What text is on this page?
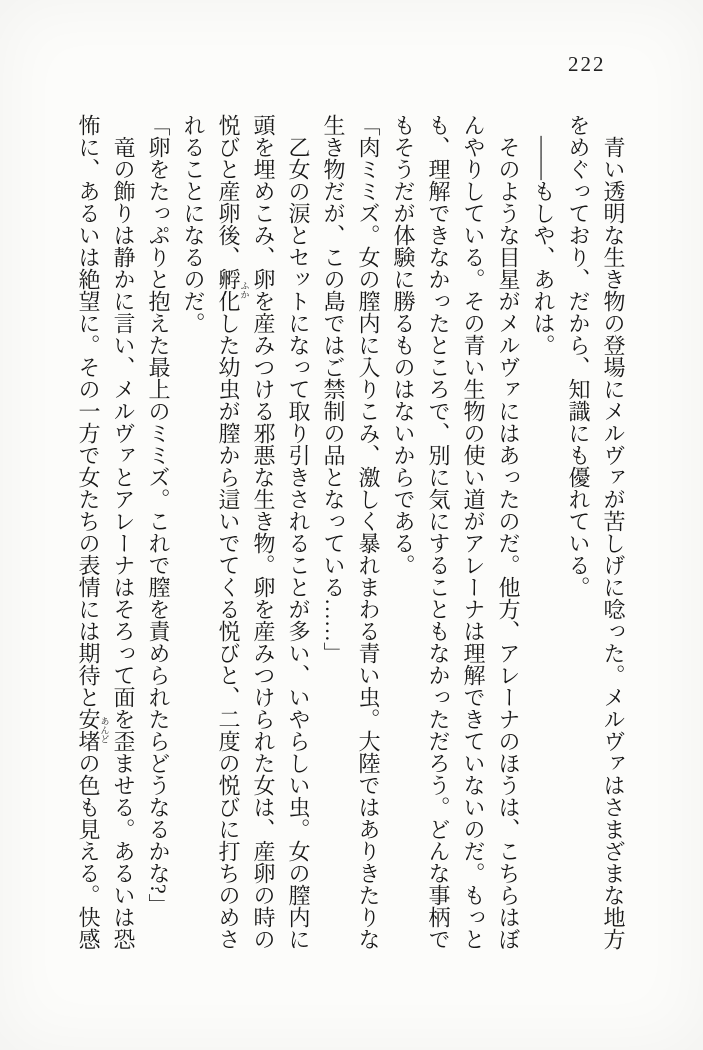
222

青い透明な生き物の登場にメルヴァが苦しげに唸った。メルヴァはさまざまな地方をめぐっており、だから、知識にも優れている。

――もしや、あれは。

そのような目星がメルヴァにはあったのだ。他方、アレーナのほうは、こちらはぼんやりしている。その青い生物の使い道がアレーナは理解できていないのだ。もっとも、理解できなかったところで、別に気にすることもなかっただろう。どんな事柄でもそうだが体験に勝るものはないからである。

「肉ミミズ。女の膣内に入りこみ、激しく暴れまわる青い虫。大陸ではありきたりな生き物だが、この島ではご禁制の品となっている……」

乙女の涙とセットになって取り引きされることが多い、いやらしい虫。女の膣内に頭を埋めこみ、卵を産みつける邪悪な生き物。卵を産みつけられた女は、産卵の時の悦びと産卵後、孵化ふかした幼虫が膣から這いでてくる悦びと、二度の悦びに打ちのめされることになるのだ。

「卵をたっぷりと抱えた最上のミミズ。これで膣を責められたらどうなるかな?」

竜の飾りは静かに言い、メルヴァとアレーナはそろって面を歪ませる。あるいは恐怖に、あるいは絶望に。その一方で女たちの表情には期待と安堵あんどの色も見える。快感
